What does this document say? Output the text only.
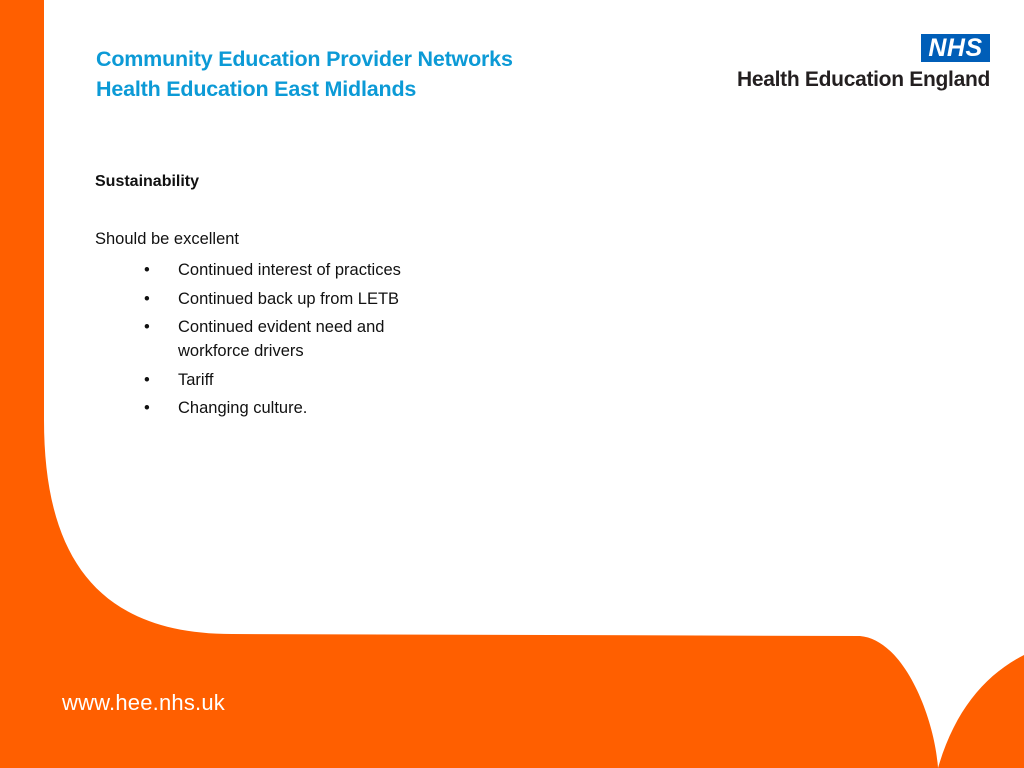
Community Education Provider Networks
Health Education East Midlands
NHS
Health Education England
Sustainability
Should be excellent
• Continued interest of practices
• Continued back up from LETB
• Continued evident need and workforce drivers
• Tariff
• Changing culture.
www.hee.nhs.uk
